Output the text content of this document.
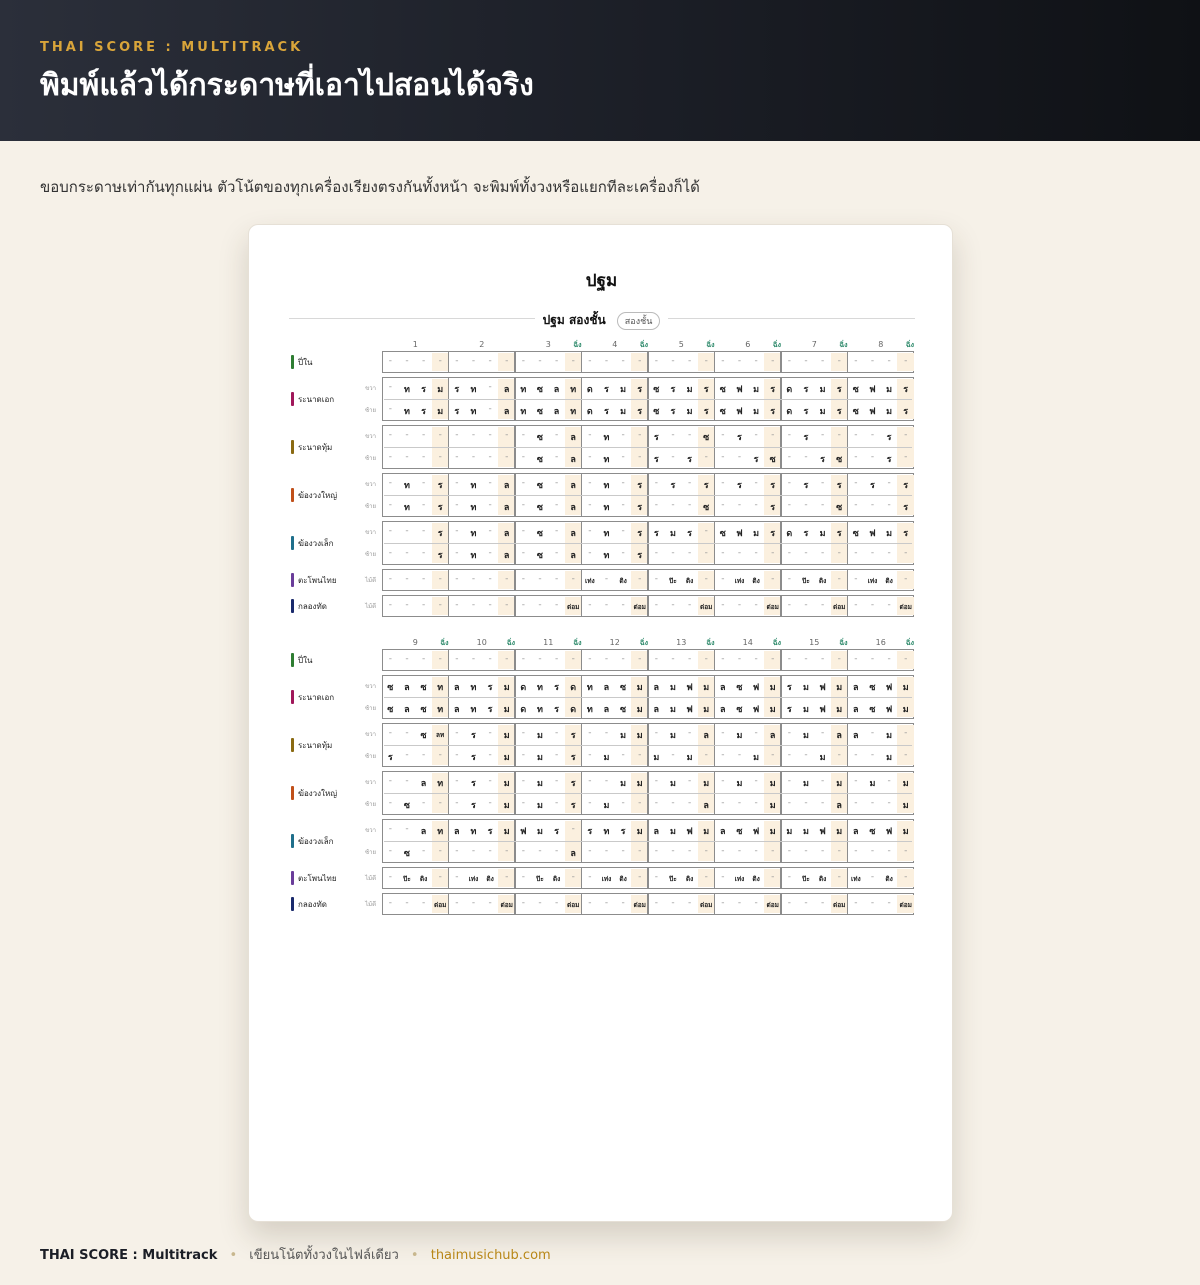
THAI SCORE : MULTITRACK
พิมพ์แล้วได้กระดาษที่เอาไปสอนได้จริง
ขอบกระดาษเท่ากันทุกแผ่น ตัวโน้ตของทุกเครื่องเรียงตรงกันทั้งหน้า จะพิมพ์ทั้งวงหรือแยกทีละเครื่องก็ได้
ปฐม
ปฐม สองชั้น สองชั้น
1	2	3	ฉิ่ง	4	ฉิ่ง	5	ฉิ่ง	6	ฉิ่ง	7	ฉิ่ง	8	ฉิ่ง
ปี่ใน	-	-	-	-	-	-	-	-	-	-	-	-	-	-	-	-	-	-	-	-	-	-	-	-	-	-	-	-	-	-	-	-
ระนาดเอก
ขวา
ซ้าย
-	ท	ร	ม	ร	ท	-	ล	ท	ซ	ล	ท	ด	ร	ม	ร	ซ	ร	ม	ร	ซ	ฟ	ม	ร	ด	ร	ม	ร	ซ	ฟ	ม	ร
-	ท	ร	ม	ร	ท	-	ล	ท	ซ	ล	ท	ด	ร	ม	ร	ซ	ร	ม	ร	ซ	ฟ	ม	ร	ด	ร	ม	ร	ซ	ฟ	ม	ร
ระนาดทุ้ม
ขวา
ซ้าย
-	-	-	-	-	-	-	-	-	ซ	-	ล	-	ท	-	-	ร	-	-	ซ	-	ร	-	-	-	ร	-	-	-	-	ร	-
-	-	-	-	-	-	-	-	-	ซ	-	ล	-	ท	-	-	ร	-	ร	-	-	-	ร	ซ	-	-	ร	ซ	-	-	ร	-
ฆ้องวงใหญ่
ขวา
ซ้าย
-	ท	-	ร	-	ท	-	ล	-	ซ	-	ล	-	ท	-	ร	-	ร	-	ร	-	ร	-	ร	-	ร	-	ร	-	ร	-	ร
-	ท	-	ร	-	ท	-	ล	-	ซ	-	ล	-	ท	-	ร	-	-	-	ซ	-	-	-	ร	-	-	-	ซ	-	-	-	ร
ฆ้องวงเล็ก
ขวา
ซ้าย
-	-	-	ร	-	ท	-	ล	-	ซ	-	ล	-	ท	-	ร	ร	ม	ร	-	ซ	ฟ	ม	ร	ด	ร	ม	ร	ซ	ฟ	ม	ร
-	-	-	ร	-	ท	-	ล	-	ซ	-	ล	-	ท	-	ร	-	-	-	-	-	-	-	-	-	-	-	-	-	-	-	-
ตะโพนไทย	ไม้ตี	-	-	-	-	-	-	-	-	-	-	-	-	เท่ง	-	ติง	-	-	ป๊ะ	ติง	-	-	เท่ง	ติง	-	-	ป๊ะ	ติง	-	-	เท่ง	ติง	-
กลองทัด	ไม้ตี	-	-	-	-	-	-	-	-	-	-	-	ต่อม -	-	-	ต่อม -	-	-	ต่อม -	-	-	ต่อม -	-	-	ต่อม -	-	-	ต่อม
9	ฉิ่ง	10	ฉิ่ง	11	ฉิ่ง	12	ฉิ่ง	13	ฉิ่ง	14	ฉิ่ง	15	ฉิ่ง	16	ฉิ่ง
ปี่ใน	-	-	-	-	-	-	-	-	-	-	-	-	-	-	-	-	-	-	-	-	-	-	-	-	-	-	-	-	-	-	-	-
ระนาดเอก
ขวา
ซ้าย
ซ	ล	ซ	ท	ล	ท	ร	ม	ด	ท	ร	ด	ท	ล	ซ	ม	ล	ม	ฟ	ม	ล	ซ	ฟ	ม	ร	ม	ฟ	ม	ล	ซ	ฟ	ม
ซ	ล	ซ	ท	ล	ท	ร	ม	ด	ท	ร	ด	ท	ล	ซ	ม	ล	ม	ฟ	ม	ล	ซ	ฟ	ม	ร	ม	ฟ	ม	ล	ซ	ฟ	ม
ระนาดทุ้ม
ขวา
ซ้าย
-	-	ซ	ลท	-	ร	-	ม	-	ม	-	ร	-	-	ม	ม	-	ม	-	ล	-	ม	-	ล	-	ม	-	ล	ล	-	ม	-
ร	-	-	-	-	ร	-	ม	-	ม	-	ร	-	ม	-	-	ม	-	ม	-	-	-	ม	-	-	-	ม	-	-	-	ม	-
ฆ้องวงใหญ่
ขวา
ซ้าย
-	-	ล	ท	-	ร	-	ม	-	ม	-	ร	-	-	ม	ม	-	ม	-	ม	-	ม	-	ม	-	ม	-	ม	-	ม	-	ม
-	ซ	-	-	-	ร	-	ม	-	ม	-	ร	-	ม	-	-	-	-	-	ล	-	-	-	ม	-	-	-	ล	-	-	-	ม
ฆ้องวงเล็ก
ขวา
ซ้าย
-	-	ล	ท	ล	ท	ร	ม	ฟ	ม	ร	-	ร	ท	ร	ม	ล	ม	ฟ	ม	ล	ซ	ฟ	ม	ม	ม	ฟ	ม	ล	ซ	ฟ	ม
-	ซ	-	-	-	-	-	-	-	-	-	ล	-	-	-	-	-	-	-	-	-	-	-	-	-	-	-	-	-	-	-	-
ตะโพนไทย	ไม้ตี	-	ป๊ะ	ติง	-	-	เท่ง	ติง	-	-	ป๊ะ	ติง	-	-	เท่ง	ติง	-	-	ป๊ะ	ติง	-	-	เท่ง	ติง	-	-	ป๊ะ	ติง	-	เท่ง	-	ติง	-
กลองทัด	ไม้ตี	-	-	-	ต่อม -	-	-	ต่อม -	-	-	ต่อม -	-	-	ต่อม -	-	-	ต่อม -	-	-	ต่อม -	-	-	ต่อม -	-	-	ต่อม
THAI SCORE : Multitrack • เขียนโน้ตทั้งวงในไฟล์เดียว • thaimusichub.com
